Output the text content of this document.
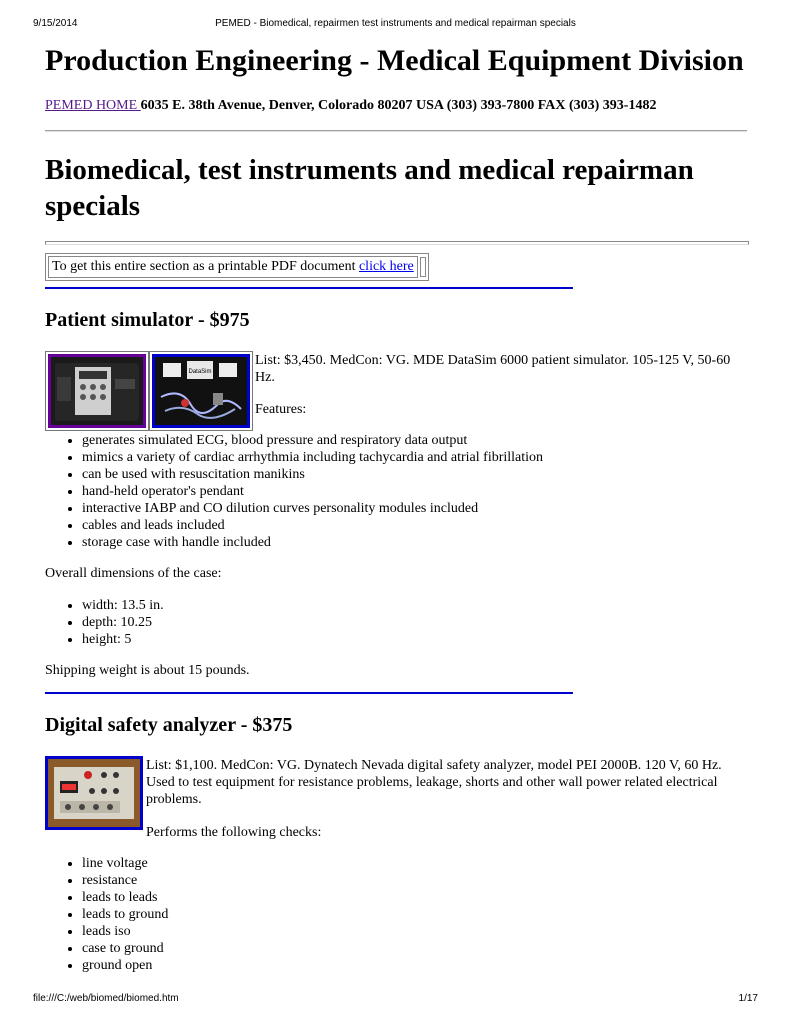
9/15/2014	PEMED - Biomedical, repairmen test instruments and medical repairman specials
Production Engineering - Medical Equipment Division
PEMED HOME 6035 E. 38th Avenue, Denver, Colorado 80207 USA (303) 393-7800 FAX (303) 393-1482
Biomedical, test instruments and medical repairman specials
To get this entire section as a printable PDF document click here
Patient simulator - $975
DataSim
List: $3,450. MedCon: VG. MDE DataSim 6000 patient simulator. 105-125 V, 50-60 Hz.
Features:
• generates simulated ECG, blood pressure and respiratory data output
• mimics a variety of cardiac arrhythmia including tachycardia and atrial fibrillation
• can be used with resuscitation manikins
• hand-held operator's pendant
• interactive IABP and CO dilution curves personality modules included
• cables and leads included
• storage case with handle included
Overall dimensions of the case:
• width: 13.5 in.
• depth: 10.25
• height: 5
Shipping weight is about 15 pounds.
Digital safety analyzer - $375
List: $1,100. MedCon: VG. Dynatech Nevada digital safety analyzer, model PEI 2000B. 120 V, 60 Hz. Used to test equipment for resistance problems, leakage, shorts and other wall power related electrical problems.
Performs the following checks:
• line voltage
• resistance
• leads to leads
• leads to ground
• leads iso
• case to ground
• ground open
file:///C:/web/biomed/biomed.htm	1/17
